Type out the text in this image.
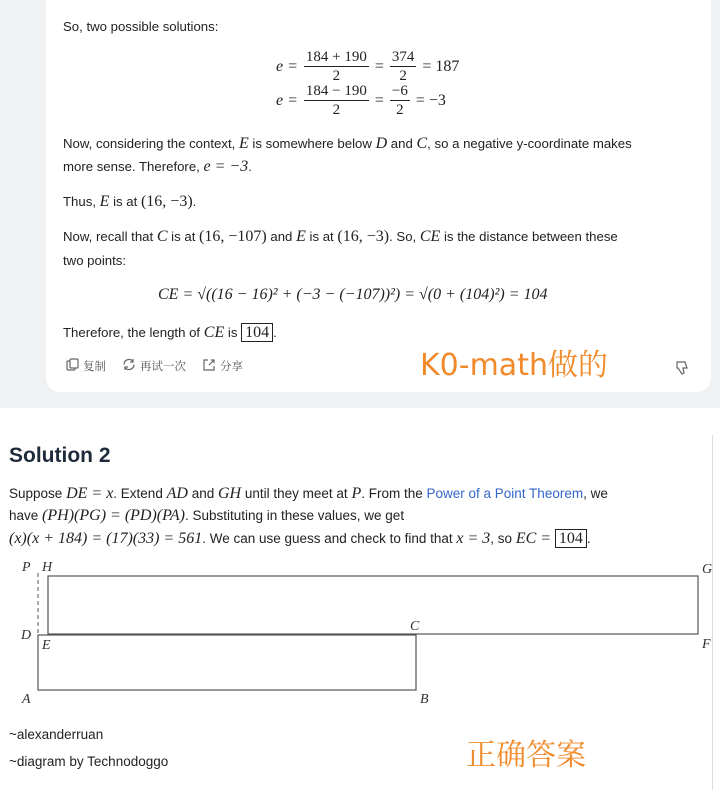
So, two possible solutions:
$e = \frac{184 + 190}{2} = \frac{374}{2} = 187$
$e = \frac{184 - 190}{2} = \frac{-6}{2} = -3$
Now, considering the context, E is somewhere below D and C, so a negative y-coordinate makes
more sense. Therefore, e = −3.
Thus, E is at (16, −3).
Now, recall that C is at (16, −107) and E is at (16, −3). So, CE is the distance between these
two points:
CE = √((16 − 16)² + (−3 − (−107))²) = √(0 + (104)²) = 104
Therefore, the length of CE is 104 .
复制	再试一次	分享	K0-math做的
Solution 2
Suppose DE = x. Extend AD and GH until they meet at P. From the Power of a Point Theorem, we
have (PH)(PG) = (PD)(PA). Substituting in these values, we get
(x)(x + 184) = (17)(33) = 561. We can use guess and check to find that x = 3, so EC = 104 .
P H	G
D
E
C
F
A	B
~alexanderruan
~diagram by Technodoggo	正确答案
